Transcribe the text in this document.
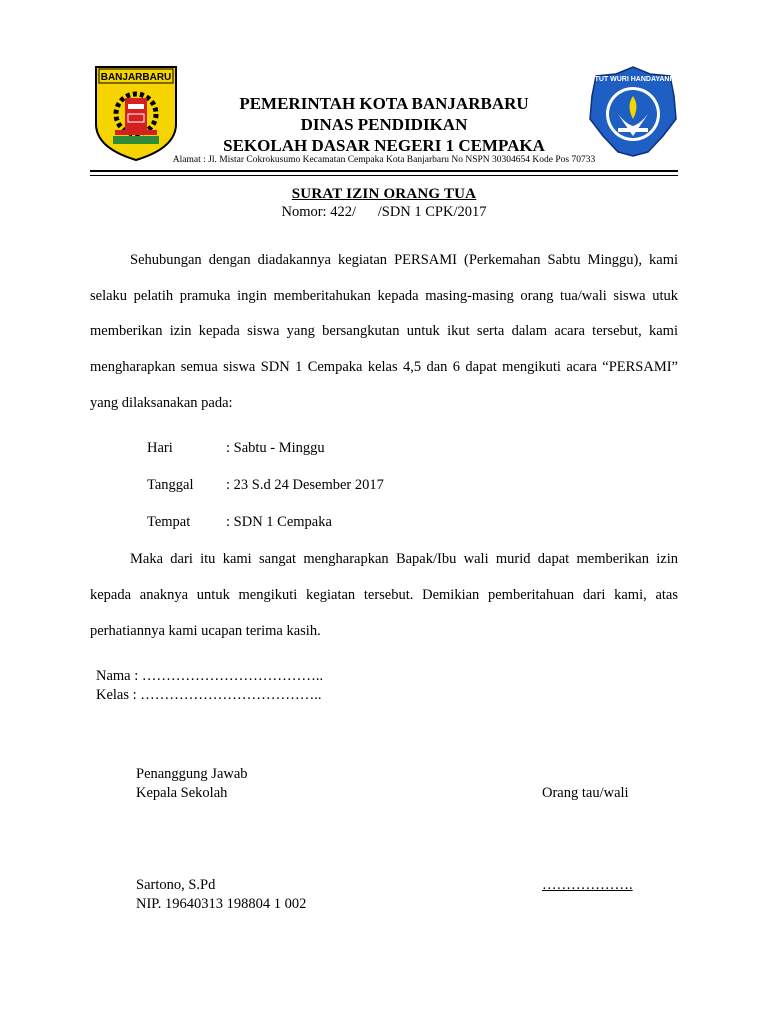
BANJARBARU	TUT WURI HANDAYANI
PEMERINTAH KOTA BANJARBARU
DINAS PENDIDIKAN
SEKOLAH DASAR NEGERI 1 CEMPAKA
Alamat : Jl. Mistar Cokrokusumo Kecamatan Cempaka Kota Banjarbaru No NSPN 30304654 Kode Pos 70733
SURAT IZIN ORANG TUA
Nomor: 422/      /SDN 1 CPK/2017
Sehubungan dengan diadakannya kegiatan PERSAMI (Perkemahan Sabtu Minggu), kami
selaku pelatih pramuka ingin memberitahukan kepada masing-masing orang tua/wali siswa utuk
memberikan izin kepada siswa yang bersangkutan untuk ikut serta dalam acara tersebut, kami
mengharapkan semua siswa SDN 1 Cempaka kelas 4,5 dan 6 dapat mengikuti acara “PERSAMI”
yang dilaksanakan pada:
Hari	: Sabtu - Minggu
Tanggal : 23 S.d 24 Desember 2017
Tempat : SDN 1 Cempaka
Maka dari itu kami sangat mengharapkan Bapak/Ibu wali murid dapat memberikan izin
kepada anaknya untuk mengikuti kegiatan tersebut. Demikian pemberitahuan dari kami, atas
perhatiannya kami ucapan terima kasih.
Nama : ………………………………..
Kelas : ………………………………..
Penanggung Jawab
Kepala Sekolah	Orang tau/wali
Sartono, S.Pd
NIP. 19640313 198804 1 002
……………….
